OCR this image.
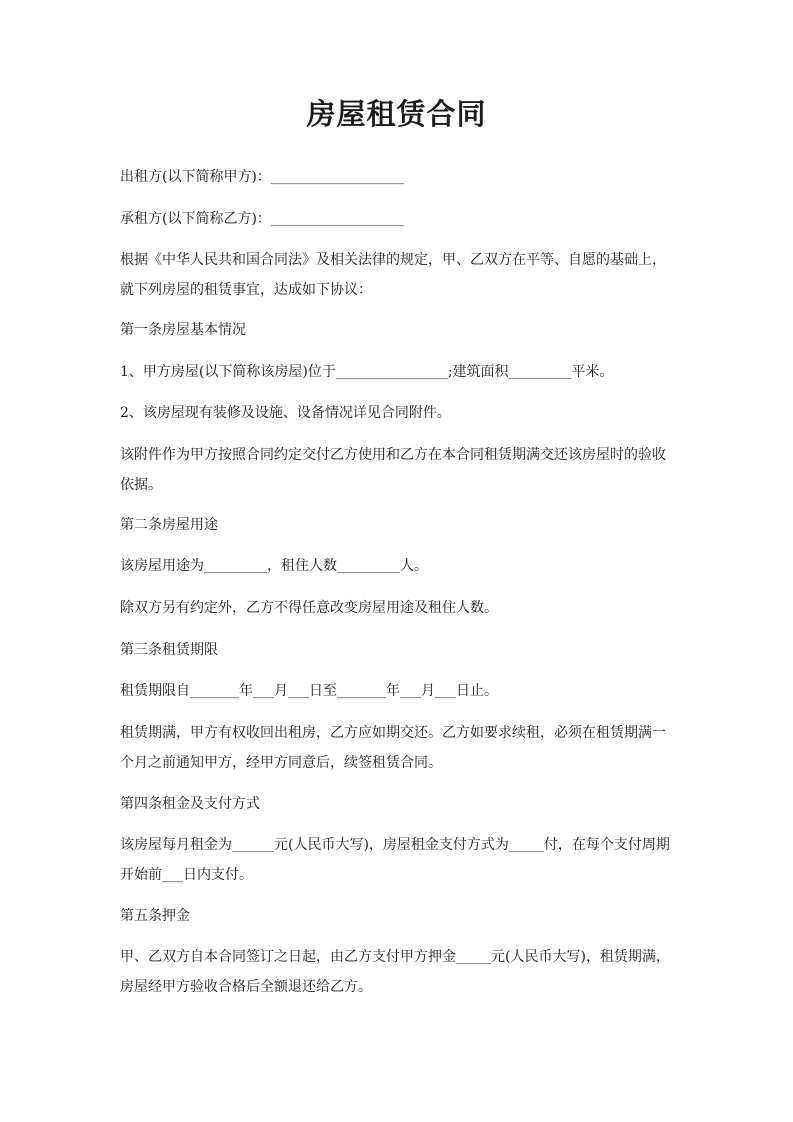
房屋租赁合同
出租方(以下简称甲方)：___________________
承租方(以下简称乙方)：___________________
根据《中华人民共和国合同法》及相关法律的规定，甲、乙双方在平等、自愿的基础上，就下列房屋的租赁事宜，达成如下协议：
第一条房屋基本情况
1、甲方房屋(以下简称该房屋)位于________________;建筑面积_________平米。
2、该房屋现有装修及设施、设备情况详见合同附件。
该附件作为甲方按照合同约定交付乙方使用和乙方在本合同租赁期满交还该房屋时的验收依据。
第二条房屋用途
该房屋用途为_________，租住人数_________人。
除双方另有约定外，乙方不得任意改变房屋用途及租住人数。
第三条租赁期限
租赁期限自_______年___月___日至_______年___月___日止。
租赁期满，甲方有权收回出租房，乙方应如期交还。乙方如要求续租，必须在租赁期满一个月之前通知甲方，经甲方同意后，续签租赁合同。
第四条租金及支付方式
该房屋每月租金为______元(人民币大写)，房屋租金支付方式为_____付，在每个支付周期开始前___日内支付。
第五条押金
甲、乙双方自本合同签订之日起，由乙方支付甲方押金_____元(人民币大写)，租赁期满，房屋经甲方验收合格后全额退还给乙方。
